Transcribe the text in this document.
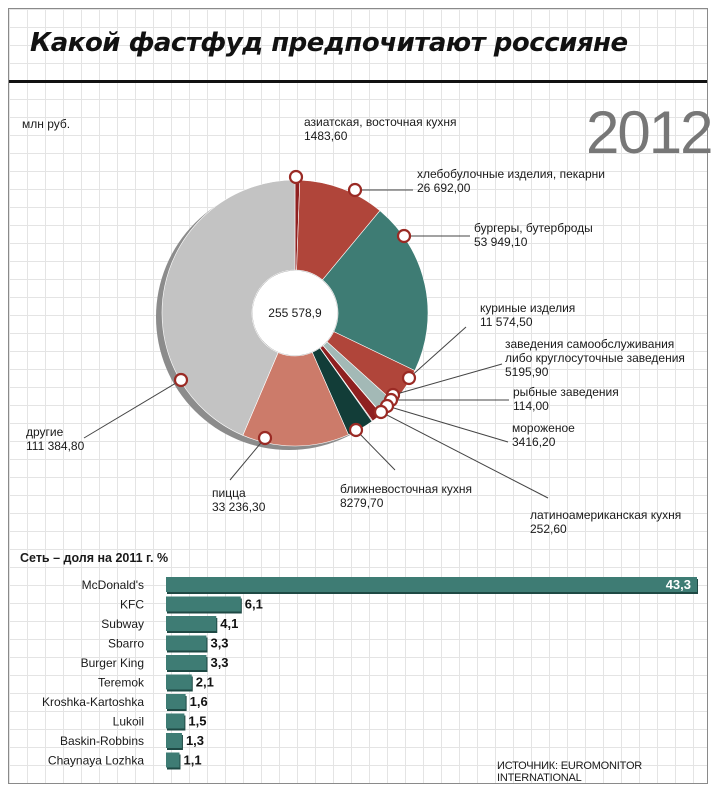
Какой фастфуд предпочитают россияне
млн руб.	2012
Сеть – доля на 2011 г. %
ИСТОЧНИК: EUROMONITOR INTERNATIONAL
255 578,9
азиатская, восточная кухня
1483,60
хлебобулочные изделия, пекарни
26 692,00
бургеры, бутерброды
53 949,10
куриные изделия
11 574,50
заведения самообслуживания
либо круглосуточные заведения
5195,90
рыбные заведения
114,00
мороженое
3416,20
латиноамериканская кухня
252,60
ближневосточная кухня
8279,70
пицца
33 236,30
другие
111 384,80
McDonald's	43,3
KFC	6,1
Subway	4,1
Sbarro	3,3
Burger King	3,3
Teremok	2,1
Kroshka-Kartoshka	1,6
Lukoil	1,5
Baskin-Robbins	1,3
Chaynaya Lozhka	1,1
